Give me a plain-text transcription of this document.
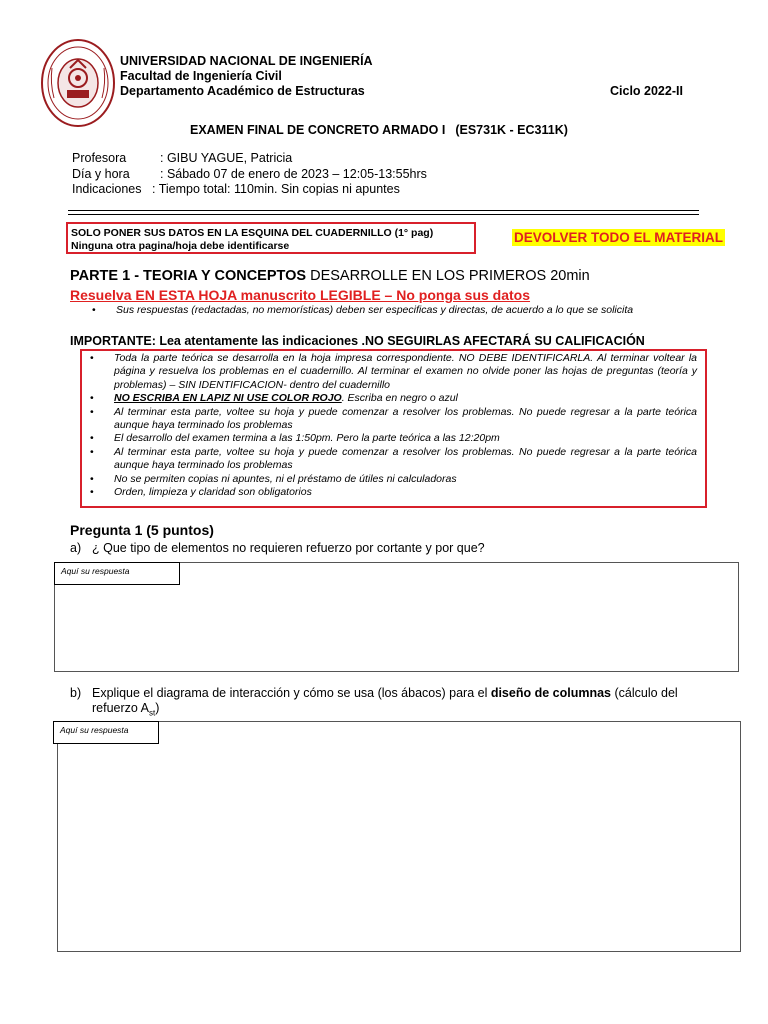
UNIVERSIDAD NACIONAL DE INGENIERÍA
Facultad de Ingeniería Civil
Departamento Académico de Estructuras	Ciclo 2022-II
EXAMEN FINAL DE CONCRETO ARMADO I (ES731K - EC311K)
Profesora	: GIBU YAGUE, Patricia
Día y hora : Sábado 07 de enero de 2023 – 12:05-13:55hrs
Indicaciones : Tiempo total: 110min. Sin copias ni apuntes
SOLO PONER SUS DATOS EN LA ESQUINA DEL CUADERNILLO (1° pag)
Ninguna otra pagina/hoja debe identificarse
DEVOLVER TODO EL MATERIAL
PARTE 1 - TEORIA Y CONCEPTOS DESARROLLE EN LOS PRIMEROS 20min
Resuelva EN ESTA HOJA manuscrito LEGIBLE – No ponga sus datos
• Sus respuestas (redactadas, no memorísticas) deben ser especificas y directas, de acuerdo a lo que se solicita
IMPORTANTE: Lea atentamente las indicaciones .NO SEGUIRLAS AFECTARÁ SU CALIFICACIÓN
•	Toda la parte teórica se desarrolla en la hoja impresa correspondiente. NO DEBE IDENTIFICARLA. Al terminar voltear la página y resuelva los problemas en el cuadernillo. Al terminar el examen no olvide poner las hojas de preguntas (teoría y problemas) – SIN IDENTIFICACION- dentro del cuadernillo
•	NO ESCRIBA EN LAPIZ NI USE COLOR ROJO. Escriba en negro o azul
•	Al terminar esta parte, voltee su hoja y puede comenzar a resolver los problemas. No puede regresar a la parte teórica aunque haya terminado los problemas
•	El desarrollo del examen termina a las 1:50pm. Pero la parte teórica a las 12:20pm
•	Al terminar esta parte, voltee su hoja y puede comenzar a resolver los problemas. No puede regresar a la parte teórica aunque haya terminado los problemas
•	No se permiten copias ni apuntes, ni el préstamo de útiles ni calculadoras
•	Orden, limpieza y claridad son obligatorios
Pregunta 1 (5 puntos)
a) ¿ Que tipo de elementos no requieren refuerzo por cortante y por que?
Aquí su respuesta
b) Explique el diagrama de interacción y cómo se usa (los ábacos) para el diseño de columnas (cálculo del
refuerzo $A_{st}$)
Aquí su respuesta
